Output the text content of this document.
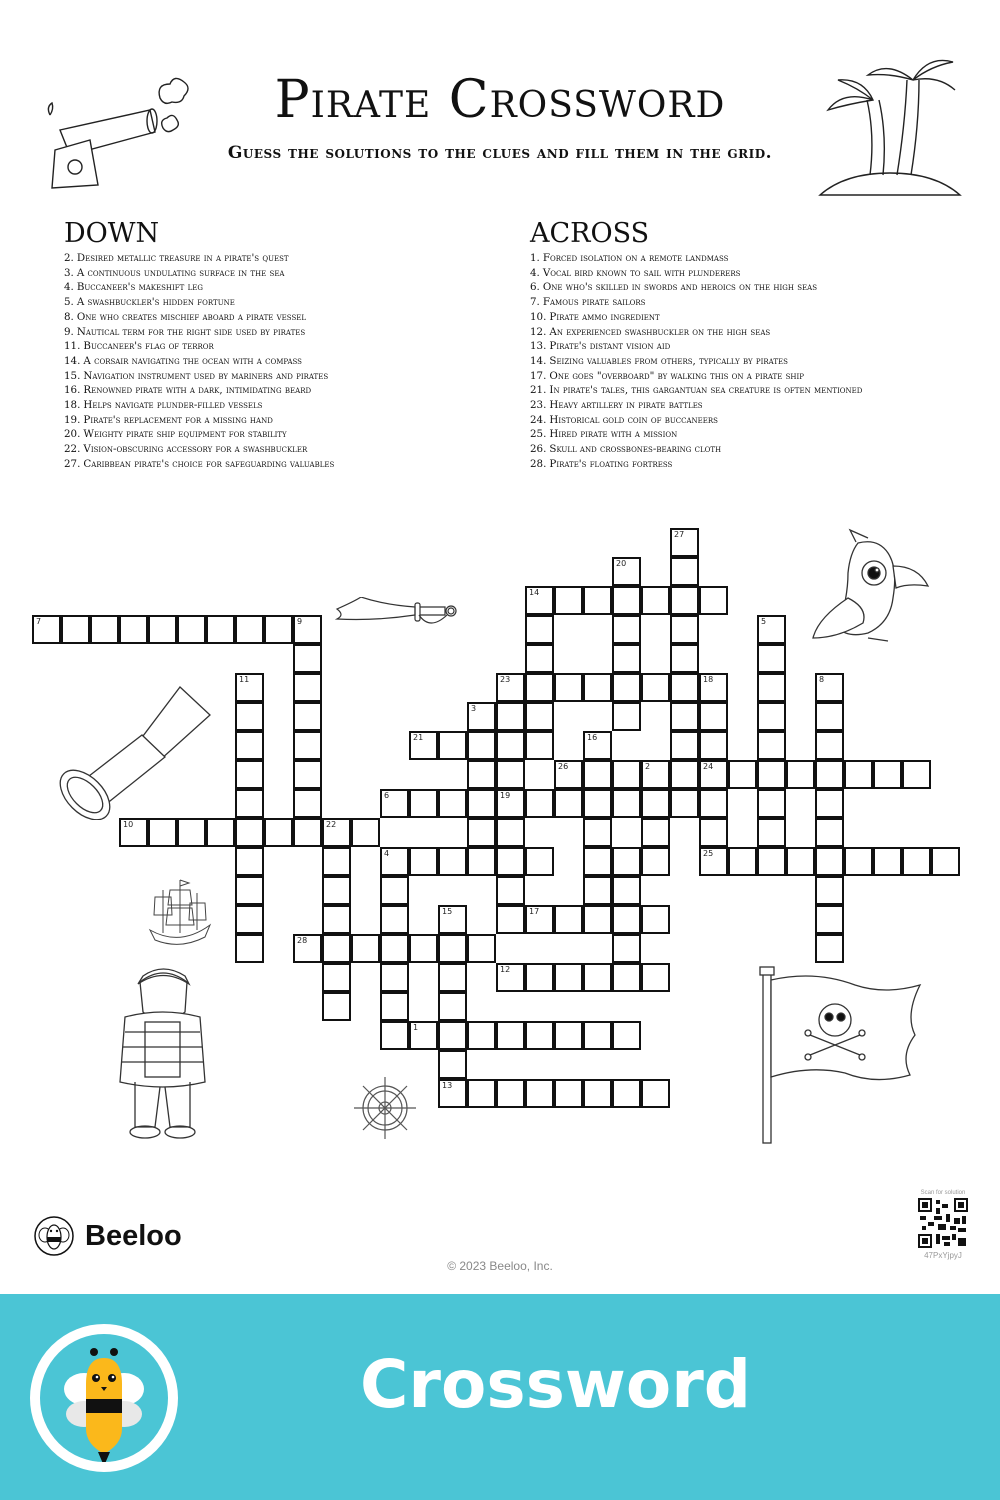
Pirate Crossword
Guess the solutions to the clues and fill them in the grid.
DOWN
2. Desired metallic treasure in a pirate's quest
3. A continuous undulating surface in the sea
4. Buccaneer's makeshift leg
5. A swashbuckler's hidden fortune
8. One who creates mischief aboard a pirate vessel
9. Nautical term for the right side used by pirates
11. Buccaneer's flag of terror
14. A corsair navigating the ocean with a compass
15. Navigation instrument used by mariners and pirates
16. Renowned pirate with a dark, intimidating beard
18. Helps navigate plunder-filled vessels
19. Pirate's replacement for a missing hand
20. Weighty pirate ship equipment for stability
22. Vision-obscuring accessory for a swashbuckler
27. Caribbean pirate's choice for safeguarding valuables
ACROSS
1. Forced isolation on a remote landmass
4. Vocal bird known to sail with plunderers
6. One who's skilled in swords and heroics on the high seas
7. Famous pirate sailors
10. Pirate ammo ingredient
12. An experienced swashbuckler on the high seas
13. Pirate's distant vision aid
14. Seizing valuables from others, typically by pirates
17. One goes "overboard" by walking this on a pirate ship
21. In pirate's tales, this gargantuan sea creature is often mentioned
23. Heavy artillery in pirate battles
24. Historical gold coin of buccaneers
25. Hired pirate with a mission
26. Skull and crossbones-bearing cloth
28. Pirate's floating fortress
7	9
14
23
21
26	2	24
6	19
10	22
4	25
17
28
12
1
13
27
20
5
11	18	8
3
16
15
Beeloo
© 2023 Beeloo, Inc.
Scan for solution
47PxYjpyJ
Crossword
